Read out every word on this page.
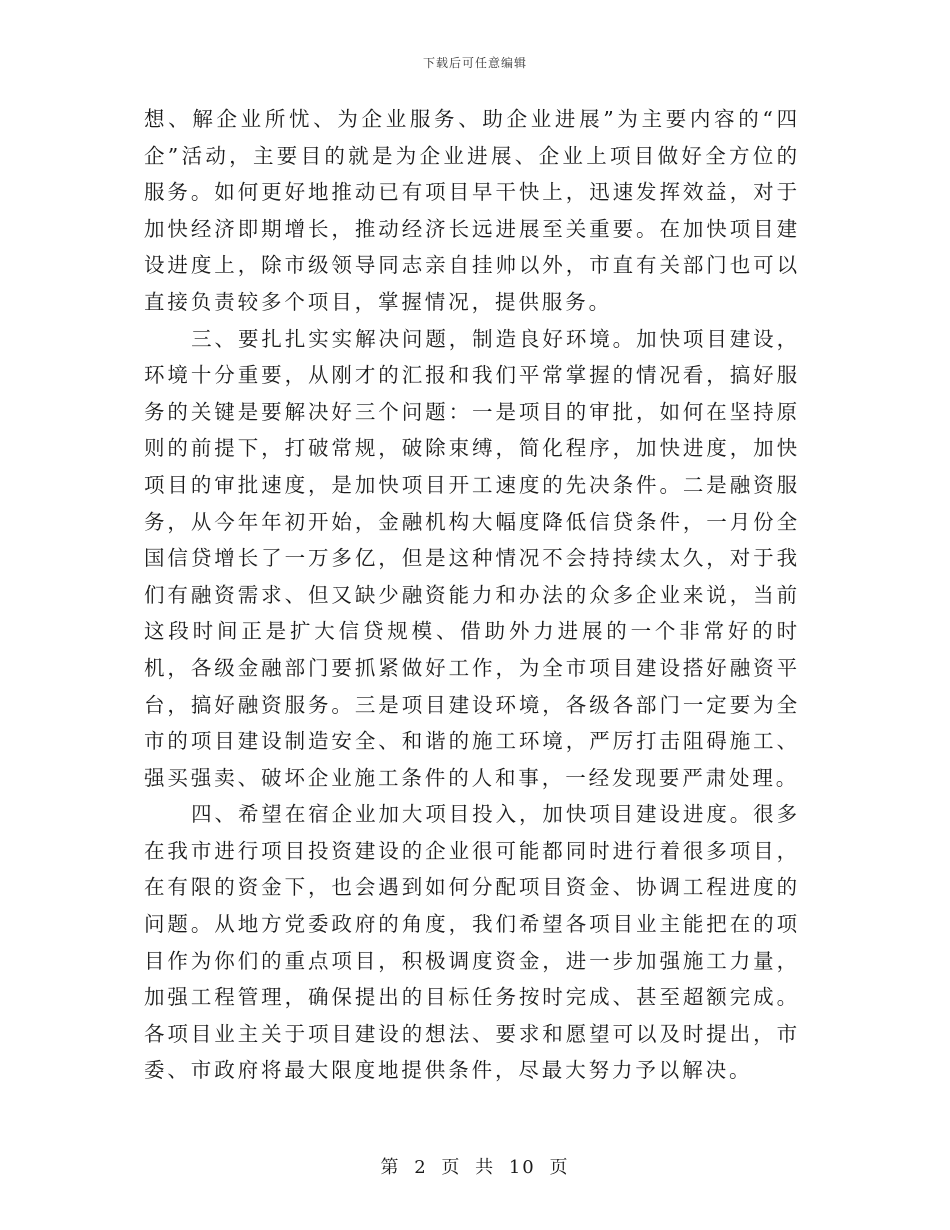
下载后可任意编辑

想、解企业所忧、为企业服务、助企业进展”为主要内容的“四企”活动，主要目的就是为企业进展、企业上项目做好全方位的服务。如何更好地推动已有项目早干快上，迅速发挥效益，对于加快经济即期增长，推动经济长远进展至关重要。在加快项目建设进度上，除市级领导同志亲自挂帅以外，市直有关部门也可以直接负责较多个项目，掌握情况，提供服务。

三、要扎扎实实解决问题，制造良好环境。加快项目建设，环境十分重要，从刚才的汇报和我们平常掌握的情况看，搞好服务的关键是要解决好三个问题：一是项目的审批，如何在坚持原则的前提下，打破常规，破除束缚，简化程序，加快进度，加快项目的审批速度，是加快项目开工速度的先决条件。二是融资服务，从今年年初开始，金融机构大幅度降低信贷条件，一月份全国信贷增长了一万多亿，但是这种情况不会持持续太久，对于我们有融资需求、但又缺少融资能力和办法的众多企业来说，当前这段时间正是扩大信贷规模、借助外力进展的一个非常好的时机，各级金融部门要抓紧做好工作，为全市项目建设搭好融资平台，搞好融资服务。三是项目建设环境，各级各部门一定要为全市的项目建设制造安全、和谐的施工环境，严厉打击阻碍施工、强买强卖、破坏企业施工条件的人和事，一经发现要严肃处理。

四、希望在宿企业加大项目投入，加快项目建设进度。很多在我市进行项目投资建设的企业很可能都同时进行着很多项目，在有限的资金下，也会遇到如何分配项目资金、协调工程进度的问题。从地方党委政府的角度，我们希望各项目业主能把在的项目作为你们的重点项目，积极调度资金，进一步加强施工力量，加强工程管理，确保提出的目标任务按时完成、甚至超额完成。各项目业主关于项目建设的想法、要求和愿望可以及时提出，市委、市政府将最大限度地提供条件，尽最大努力予以解决。

第 2 页 共 10 页
